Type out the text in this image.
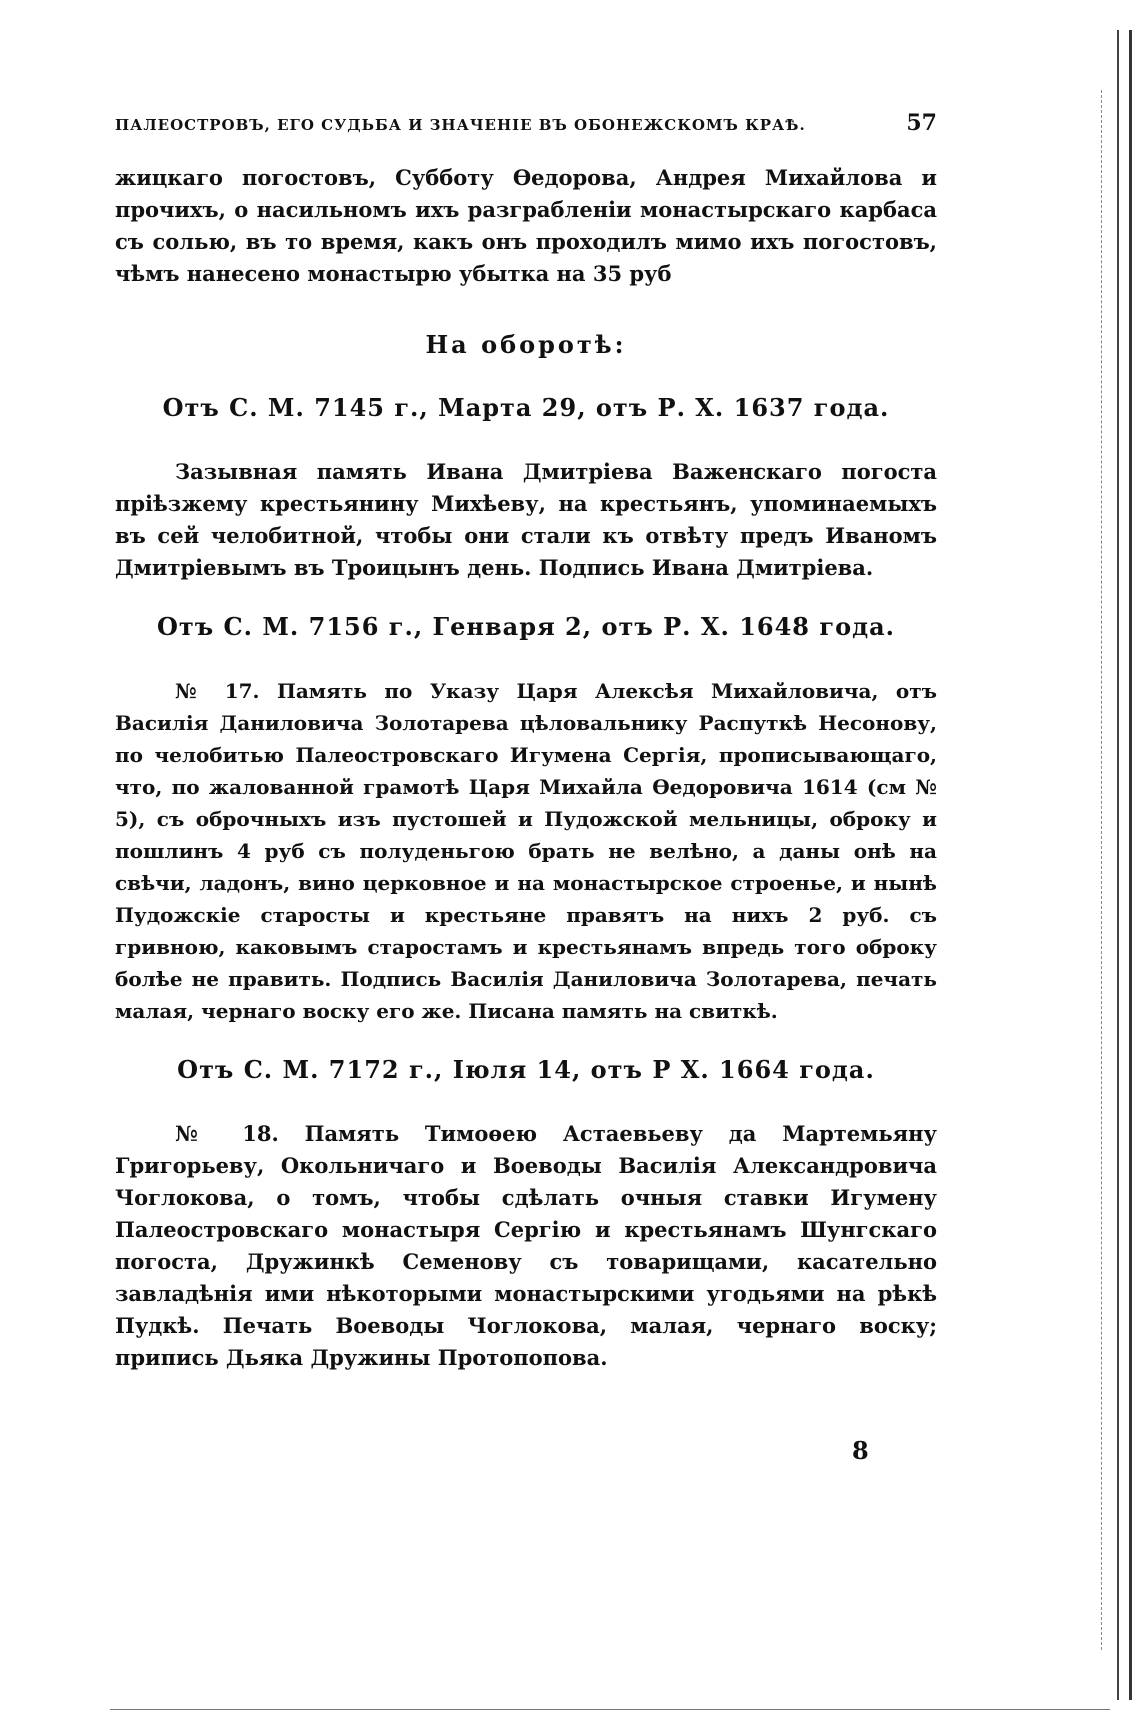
ПАЛЕОСТРОВЪ, ЕГО СУДЬБА И ЗНАЧЕНІЕ ВЪ ОБОНЕЖСКОМЪ КРАѢ.	57

жицкаго погостовъ, Субботу Ѳедорова, Андрея Михайлова и прочихъ, о насильномъ ихъ разграбленіи монастырскаго карбаса съ солью, въ то время, какъ онъ проходилъ мимо ихъ погостовъ, чѣмъ нанесено монастырю убытка на 35 руб

На оборотѣ:
Отъ С. М. 7145 г., Марта 29, отъ Р. Х. 1637 года.

Зазывная память Ивана Дмитріева Важенскаго погоста пріѣзжему крестьянину Михѣеву, на крестьянъ, упоминаемыхъ въ сей челобитной, чтобы они стали къ отвѣту предъ Иваномъ Дмитріевымъ въ Троицынъ день. Подпись Ивана Дмитріева.

Отъ С. М. 7156 г., Генваря 2, отъ Р. Х. 1648 года.

№ 17. Память по Указу Царя Алексѣя Михайловича, отъ Василія Даниловича Золотарева цѣловальнику Распуткѣ Несонову, по челобитью Палеостровскаго Игумена Сергія, прописывающаго, что, по жалованной грамотѣ Царя Михайла Ѳедоровича 1614 (см № 5), съ оброчныхъ изъ пустошей и Пудожской мельницы, оброку и пошлинъ 4 руб съ полуденьгою брать не велѣно, а даны онѣ на свѣчи, ладонъ, вино церковное и на монастырское строенье, и нынѣ Пудожскіе старосты и крестьяне правятъ на нихъ 2 руб. съ гривною, каковымъ старостамъ и крестьянамъ впредь того оброку болѣе не править. Подпись Василія Даниловича Золотарева, печать малая, чернаго воску его же. Писана память на свиткѣ.

Отъ С. М. 7172 г., Іюля 14, отъ Р Х. 1664 года.

№ 18. Память Тимоѳею Астаевьеву да Мартемьяну Григорьеву, Окольничаго и Воеводы Василія Александровича Чоглокова, о томъ, чтобы сдѣлать очныя ставки Игумену Палеостровскаго монастыря Сергію и крестьянамъ Шунгскаго погоста, Дружинкѣ Семенову съ товарищами, касательно завладѣнія ими нѣкоторыми монастырскими угодьями на рѣкѣ Пудкѣ. Печать Воеводы Чоглокова, малая, чернаго воску; припись Дьяка Дружины Протопопова.

8
